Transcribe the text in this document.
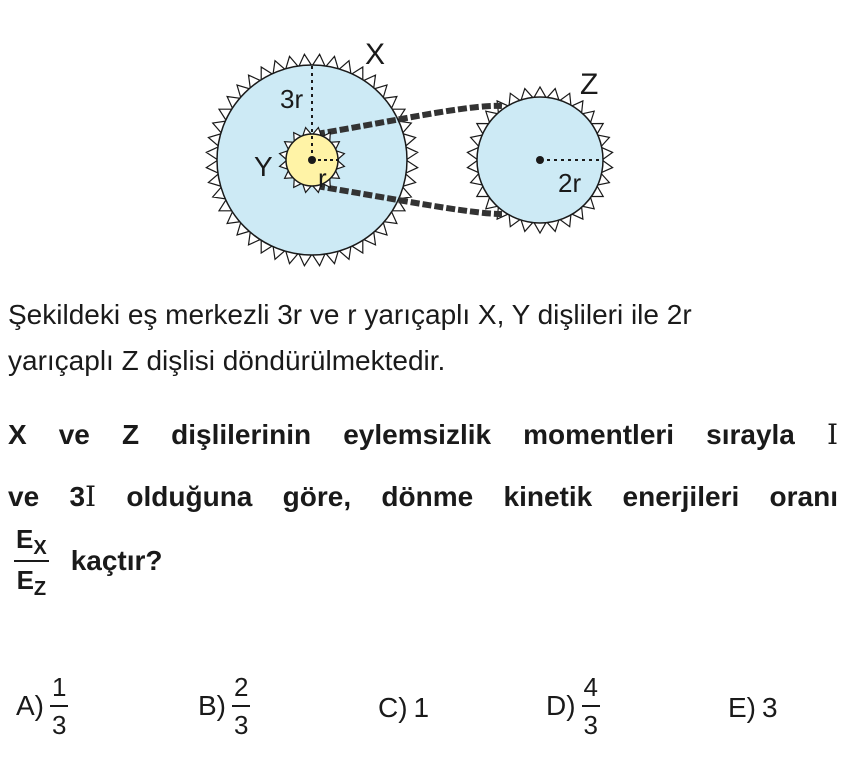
X
3r
Y r
Z
2r
Şekildeki eş merkezli 3r ve r yarıçaplı X, Y dişlileri ile 2r
yarıçaplı Z dişlisi döndürülmektedir.
X ve Z dişlilerinin eylemsizlik momentleri sırayla I
ve 3I olduğuna göre, dönme kinetik enerjileri oranı
$\frac{E_X}{E_Z}$ kaçtır?
$A) \frac{1}{3}$	$B) \frac{2}{3}$	C) 1	$D) \frac{4}{3}$	E) 3
